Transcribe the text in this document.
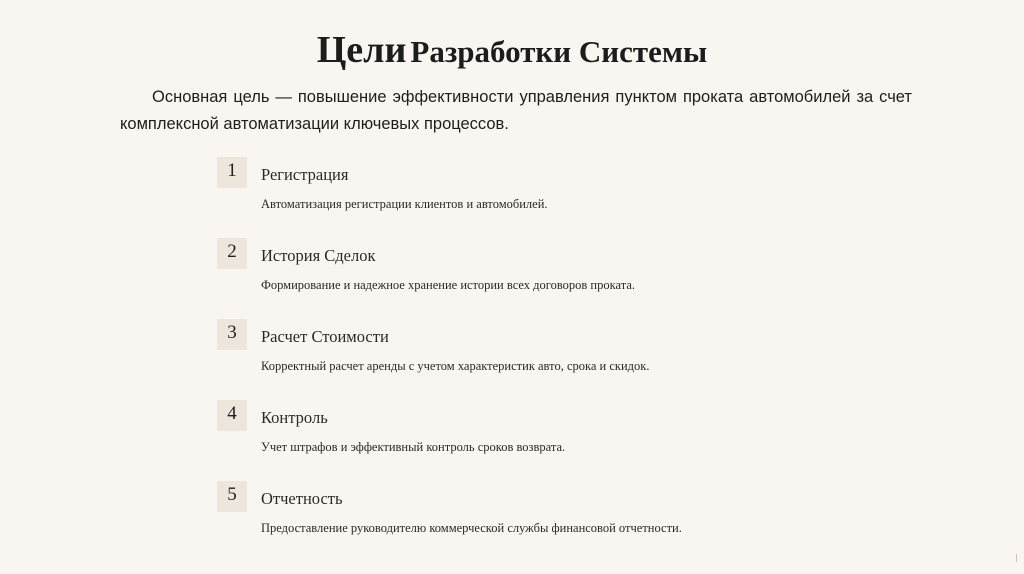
Цели Разработки Системы
Основная цель — повышение эффективности управления пунктом проката автомобилей за счет комплексной автоматизации ключевых процессов.
1	Регистрация
Автоматизация регистрации клиентов и автомобилей.
2	История Сделок
Формирование и надежное хранение истории всех договоров проката.
3	Расчет Стоимости
Корректный расчет аренды с учетом характеристик авто, срока и скидок.
4	Контроль
Учет штрафов и эффективный контроль сроков возврата.
5	Отчетность
Предоставление руководителю коммерческой службы финансовой отчетности.
